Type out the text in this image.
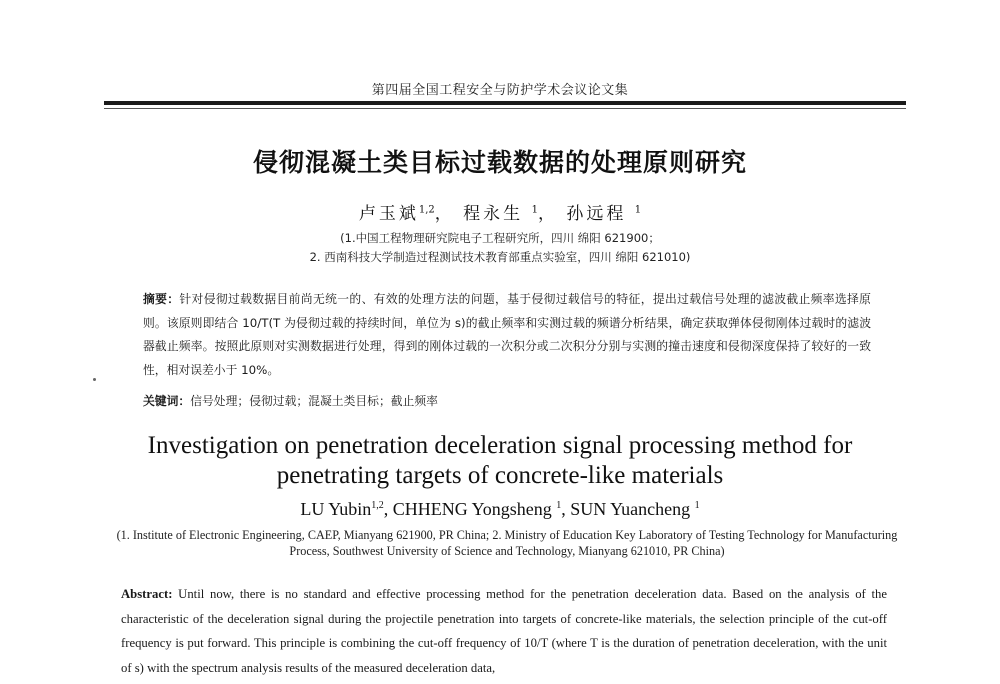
第四届全国工程安全与防护学术会议论文集
侵彻混凝土类目标过载数据的处理原则研究
卢玉斌$^{1,2}$， 程永生 $^1$， 孙远程 $^1$
(1.中国工程物理研究院电子工程研究所，四川 绵阳 621900；
2. 西南科技大学制造过程测试技术教育部重点实验室，四川 绵阳 621010)
摘要：针对侵彻过载数据目前尚无统一的、有效的处理方法的问题，基于侵彻过载信号的特征，提出过载信号处理的滤波截止频率选择原则。该原则即结合 10/T(T 为侵彻过载的持续时间，单位为 s)的截止频率和实测过载的频谱分析结果，确定获取弹体侵彻刚体过载时的滤波器截止频率。按照此原则对实测数据进行处理，得到的刚体过载的一次积分或二次积分分别与实测的撞击速度和侵彻深度保持了较好的一致性，相对误差小于 10%。
关键词：信号处理；侵彻过载；混凝土类目标；截止频率
Investigation on penetration deceleration signal processing method for penetrating targets of concrete-like materials
LU Yubin$^{1,2}$, CHHENG Yongsheng $^1$, SUN Yuancheng $^1$
(1. Institute of Electronic Engineering, CAEP, Mianyang 621900, PR China; 2. Ministry of Education Key Laboratory of Testing Technology for Manufacturing Process, Southwest University of Science and Technology, Mianyang 621010, PR China)
Abstract: Until now, there is no standard and effective processing method for the penetration deceleration data. Based on the analysis of the characteristic of the deceleration signal during the projectile penetration into targets of concrete-like materials, the selection principle of the cut-off frequency is put forward. This principle is combining the cut-off frequency of 10/T (where T is the duration of penetration deceleration, with the unit of s) with the spectrum analysis results of the measured deceleration data,
